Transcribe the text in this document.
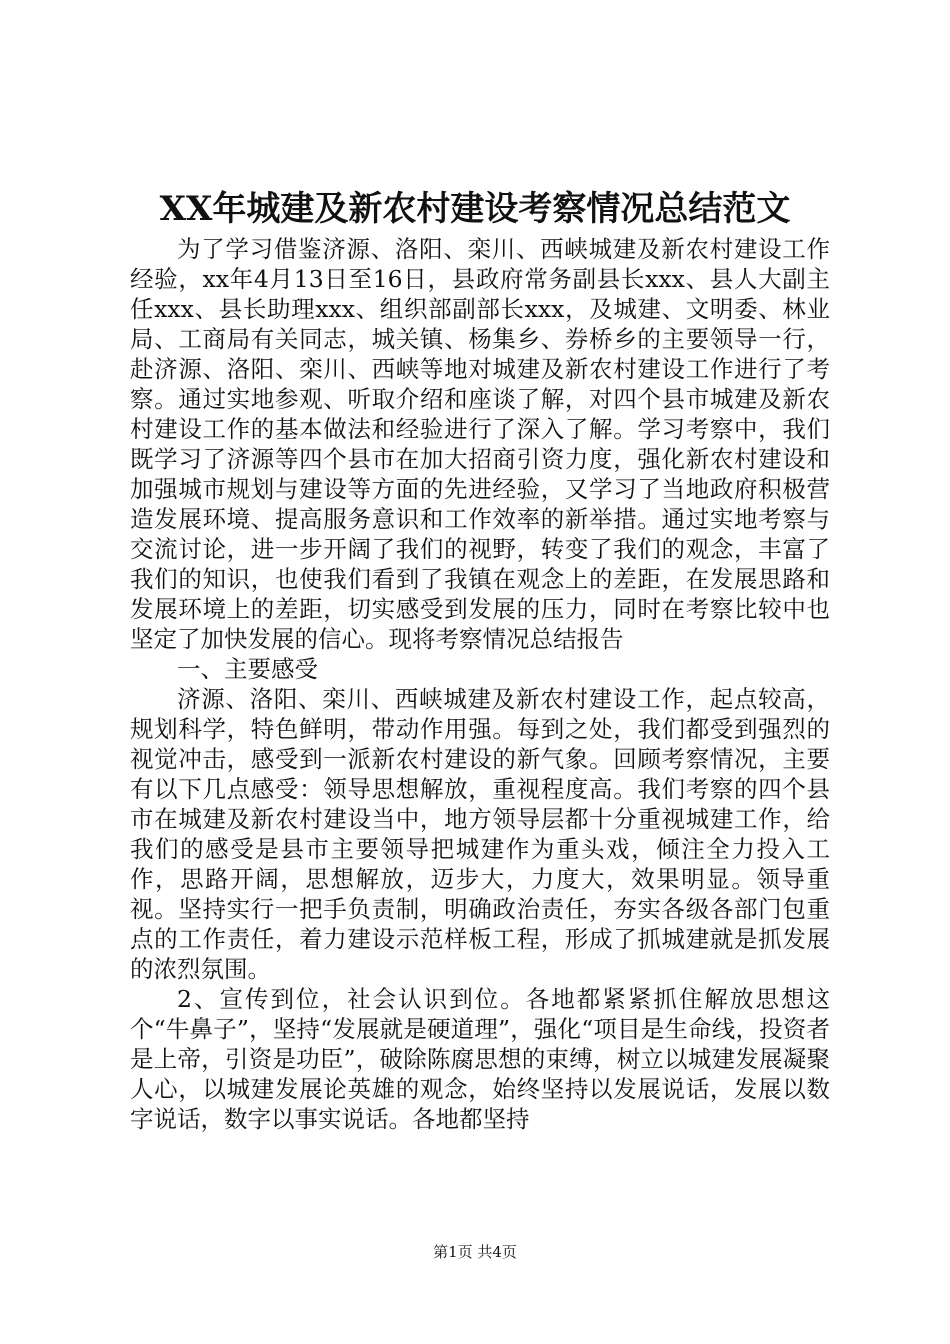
XX年城建及新农村建设考察情况总结范文

为了学习借鉴济源、洛阳、栾川、西峡城建及新农村建设工作经验，xx年4月13日至16日，县政府常务副县长xxx、县人大副主任xxx、县长助理xxx、组织部副部长xxx，及城建、文明委、林业局、工商局有关同志，城关镇、杨集乡、券桥乡的主要领导一行，赴济源、洛阳、栾川、西峡等地对城建及新农村建设工作进行了考察。通过实地参观、听取介绍和座谈了解，对四个县市城建及新农村建设工作的基本做法和经验进行了深入了解。学习考察中，我们既学习了济源等四个县市在加大招商引资力度，强化新农村建设和加强城市规划与建设等方面的先进经验，又学习了当地政府积极营造发展环境、提高服务意识和工作效率的新举措。通过实地考察与交流讨论，进一步开阔了我们的视野，转变了我们的观念，丰富了我们的知识，也使我们看到了我镇在观念上的差距，在发展思路和发展环境上的差距，切实感受到发展的压力，同时在考察比较中也坚定了加快发展的信心。现将考察情况总结报告

一、主要感受

济源、洛阳、栾川、西峡城建及新农村建设工作，起点较高，规划科学，特色鲜明，带动作用强。每到之处，我们都受到强烈的视觉冲击，感受到一派新农村建设的新气象。回顾考察情况，主要有以下几点感受：领导思想解放，重视程度高。我们考察的四个县市在城建及新农村建设当中，地方领导层都十分重视城建工作，给我们的感受是县市主要领导把城建作为重头戏，倾注全力投入工作，思路开阔，思想解放，迈步大，力度大，效果明显。领导重视。坚持实行一把手负责制，明确政治责任，夯实各级各部门包重点的工作责任，着力建设示范样板工程，形成了抓城建就是抓发展的浓烈氛围。

2、宣传到位，社会认识到位。各地都紧紧抓住解放思想这个“牛鼻子”，坚持“发展就是硬道理”，强化“项目是生命线，投资者是上帝，引资是功臣”，破除陈腐思想的束缚，树立以城建发展凝聚人心，以城建发展论英雄的观念，始终坚持以发展说话，发展以数字说话，数字以事实说话。各地都坚持

第1页 共4页
